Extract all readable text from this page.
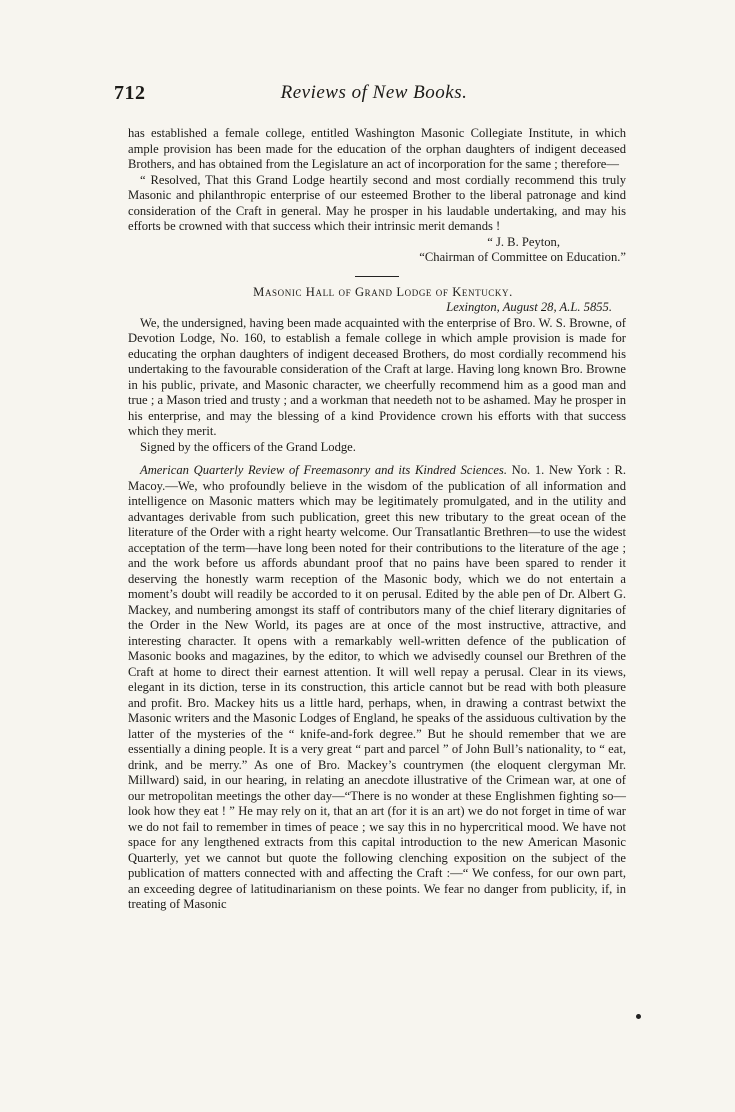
712	Reviews of New Books.

has established a female college, entitled Washington Masonic Collegiate Institute, in which ample provision has been made for the education of the orphan daughters of indigent deceased Brothers, and has obtained from the Legislature an act of incorporation for the same ; therefore—

“ Resolved, That this Grand Lodge heartily second and most cordially recommend this truly Masonic and philanthropic enterprise of our esteemed Brother to the liberal patronage and kind consideration of the Craft in general. May he prosper in his laudable undertaking, and may his efforts be crowned with that success which their intrinsic merit demands !

“ J. B. Peyton,

“Chairman of Committee on Education.”

Masonic Hall of Grand Lodge of Kentucky.

Lexington, August 28, A.L. 5855.

We, the undersigned, having been made acquainted with the enterprise of Bro. W. S. Browne, of Devotion Lodge, No. 160, to establish a female college in which ample provision is made for educating the orphan daughters of indigent deceased Brothers, do most cordially recommend his undertaking to the favourable consideration of the Craft at large. Having long known Bro. Browne in his public, private, and Masonic character, we cheerfully recommend him as a good man and true ; a Mason tried and trusty ; and a workman that needeth not to be ashamed. May he prosper in his enterprise, and may the blessing of a kind Providence crown his efforts with that success which they merit.

Signed by the officers of the Grand Lodge.

American Quarterly Review of Freemasonry and its Kindred Sciences. No. 1. New York : R. Macoy.—We, who profoundly believe in the wisdom of the publication of all information and intelligence on Masonic matters which may be legitimately promulgated, and in the utility and advantages derivable from such publication, greet this new tributary to the great ocean of the literature of the Order with a right hearty welcome. Our Transatlantic Brethren—to use the widest acceptation of the term—have long been noted for their contributions to the literature of the age ; and the work before us affords abundant proof that no pains have been spared to render it deserving the honestly warm reception of the Masonic body, which we do not entertain a moment’s doubt will readily be accorded to it on perusal. Edited by the able pen of Dr. Albert G. Mackey, and numbering amongst its staff of contributors many of the chief literary dignitaries of the Order in the New World, its pages are at once of the most instructive, attractive, and interesting character. It opens with a remarkably well-written defence of the publication of Masonic books and magazines, by the editor, to which we advisedly counsel our Brethren of the Craft at home to direct their earnest attention. It will well repay a perusal. Clear in its views, elegant in its diction, terse in its construction, this article cannot but be read with both pleasure and profit. Bro. Mackey hits us a little hard, perhaps, when, in drawing a contrast betwixt the Masonic writers and the Masonic Lodges of England, he speaks of the assiduous cultivation by the latter of the mysteries of the “ knife-and-fork degree.” But he should remember that we are essentially a dining people. It is a very great “ part and parcel ” of John Bull’s nationality, to “ eat, drink, and be merry.” As one of Bro. Mackey’s countrymen (the eloquent clergyman Mr. Millward) said, in our hearing, in relating an anecdote illustrative of the Crimean war, at one of our metropolitan meetings the other day—“There is no wonder at these Englishmen fighting so—look how they eat ! ” He may rely on it, that an art (for it is an art) we do not forget in time of war we do not fail to remember in times of peace ; we say this in no hypercritical mood. We have not space for any lengthened extracts from this capital introduction to the new American Masonic Quarterly, yet we cannot but quote the following clenching exposition on the subject of the publication of matters connected with and affecting the Craft :—“ We confess, for our own part, an exceeding degree of latitudinarianism on these points. We fear no danger from publicity, if, in treating of Masonic
